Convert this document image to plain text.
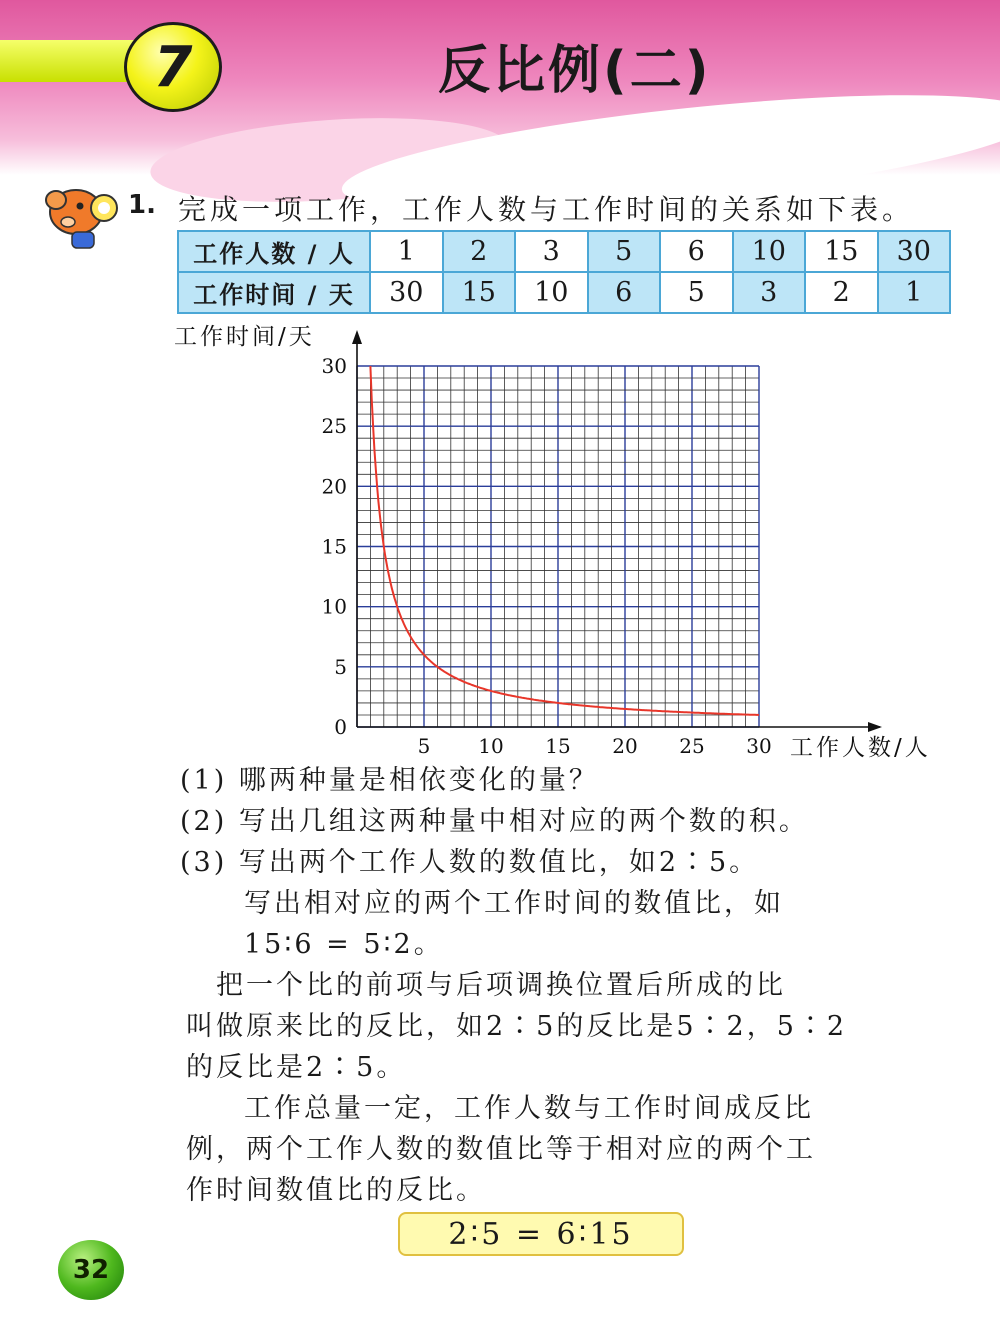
7	反比例(二)
1. 完成一项工作，工作人数与工作时间的关系如下表。
工作人数 / 人	1	2	3	5	6	10	15	30
工作时间 / 天	30	15	10	6	5	3	2	1
5 10 15 20 25 30
0
5
10
15
20
25
30
工作人数/人
工作时间/天
(1) 哪两种量是相依变化的量？
(2) 写出几组这两种量中相对应的两个数的积。
(3) 写出两个工作人数的数值比，如2∶5。
写出相对应的两个工作时间的数值比，如
15∶6 = 5∶2。
　把一个比的前项与后项调换位置后所成的比
叫做原来比的反比，如2∶5的反比是5∶2，5∶2
的反比是2∶5。
工作总量一定，工作人数与工作时间成反比
例，两个工作人数的数值比等于相对应的两个工
作时间数值比的反比。
2∶5 = 6∶15
32
